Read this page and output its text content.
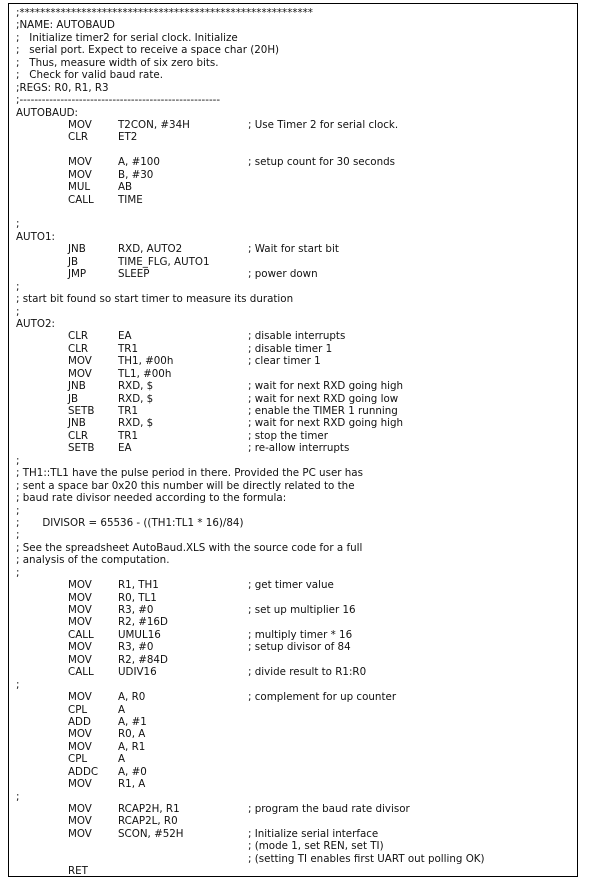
;*********************************************************
;NAME: AUTOBAUD
;   Initialize timer2 for serial clock. Initialize
;   serial port. Expect to receive a space char (20H)
;   Thus, measure width of six zero bits.
;   Check for valid baud rate.
;REGS: R0, R1, R3
;------------------------------------------------------
AUTOBAUD:
MOV	T2CON, #34H	; Use Timer 2 for serial clock.
CLR	ET2
MOV	A, #100	; setup count for 30 seconds
MOV	B, #30
MUL	AB
CALL TIME
;
AUTO1:
JNB	RXD, AUTO2	; Wait for start bit
JB	TIME_FLG, AUTO1
JMP	SLEEP	; power down
;
; start bit found so start timer to measure its duration
;
AUTO2:
CLR	EA	; disable interrupts
CLR	TR1	; disable timer 1
MOV	TH1, #00h	; clear timer 1
MOV	TL1, #00h
JNB	RXD, $	; wait for next RXD going high
JB	RXD, $	; wait for next RXD going low
SETB TR1	; enable the TIMER 1 running
JNB	RXD, $	; wait for next RXD going high
CLR	TR1	; stop the timer
SETB EA	; re-allow interrupts
;
; TH1::TL1 have the pulse period in there. Provided the PC user has
; sent a space bar 0x20 this number will be directly related to the
; baud rate divisor needed according to the formula:
;
;       DIVISOR = 65536 - ((TH1:TL1 * 16)/84)
;
; See the spreadsheet AutoBaud.XLS with the source code for a full
; analysis of the computation.
;
MOV	R1, TH1	; get timer value
MOV	R0, TL1
MOV	R3, #0	; set up multiplier 16
MOV	R2, #16D
CALL UMUL16	; multiply timer * 16
MOV	R3, #0	; setup divisor of 84
MOV	R2, #84D
CALL UDIV16	; divide result to R1:R0
;
MOV	A, R0	; complement for up counter
CPL	A
ADD	A, #1
MOV	R0, A
MOV	A, R1
CPL	A
ADDC A, #0
MOV	R1, A
;
MOV	RCAP2H, R1	; program the baud rate divisor
MOV	RCAP2L, R0
MOV	SCON, #52H	; Initialize serial interface
; (mode 1, set REN, set TI)
; (setting TI enables first UART out polling OK)
RET
